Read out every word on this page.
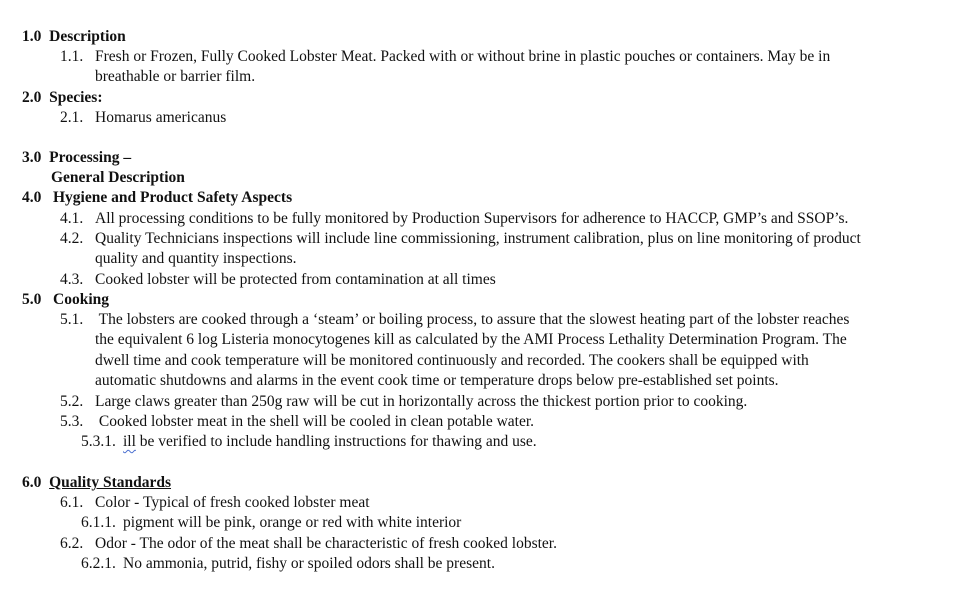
1.0 Description
1.1. Fresh or Frozen, Fully Cooked Lobster Meat. Packed with or without brine in plastic pouches or containers. May be in
breathable or barrier film.
2.0 Species:
2.1. Homarus americanus
3.0 Processing –
General Description
4.0 Hygiene and Product Safety Aspects
4.1. All processing conditions to be fully monitored by Production Supervisors for adherence to HACCP, GMP’s and SSOP’s.
4.2. Quality Technicians inspections will include line commissioning, instrument calibration, plus on line monitoring of product
quality and quantity inspections.
4.3. Cooked lobster will be protected from contamination at all times
5.0 Cooking
5.1. The lobsters are cooked through a ‘steam’ or boiling process, to assure that the slowest heating part of the lobster reaches
the equivalent 6 log Listeria monocytogenes kill as calculated by the AMI Process Lethality Determination Program. The
dwell time and cook temperature will be monitored continuously and recorded. The cookers shall be equipped with
automatic shutdowns and alarms in the event cook time or temperature drops below pre-established set points.
5.2. Large claws greater than 250g raw will be cut in horizontally across the thickest portion prior to cooking.
5.3. Cooked lobster meat in the shell will be cooled in clean potable water.
5.3.1. ill be verified to include handling instructions for thawing and use.
6.0  Quality Standards
6.1. Color - Typical of fresh cooked lobster meat
6.1.1. pigment will be pink, orange or red with white interior
6.2. Odor - The odor of the meat shall be characteristic of fresh cooked lobster.
6.2.1. No ammonia, putrid, fishy or spoiled odors shall be present.
